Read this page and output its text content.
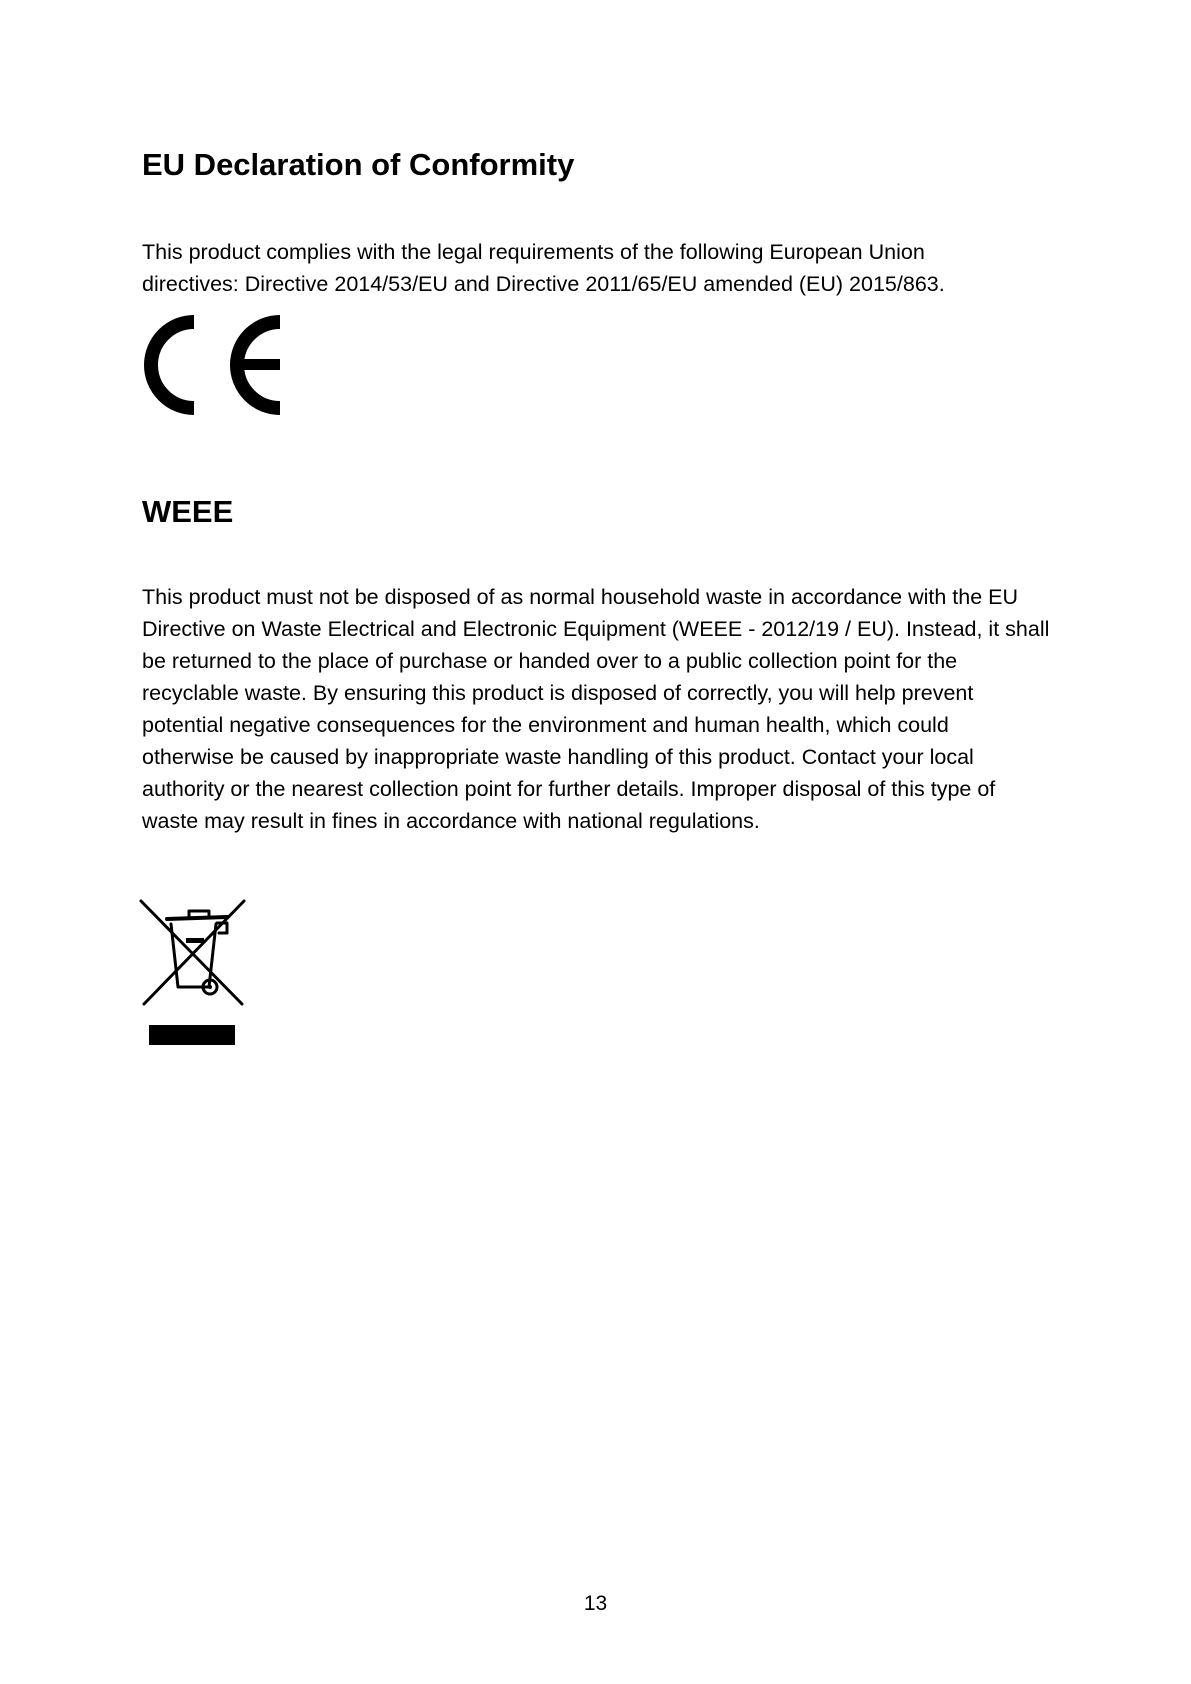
EU Declaration of Conformity

This product complies with the legal requirements of the following European Union
directives: Directive 2014/53/EU and Directive 2011/65/EU amended (EU) 2015/863.

WEEE

This product must not be disposed of as normal household waste in accordance with the EU
Directive on Waste Electrical and Electronic Equipment (WEEE - 2012/19 / EU). Instead, it shall
be returned to the place of purchase or handed over to a public collection point for the
recyclable waste. By ensuring this product is disposed of correctly, you will help prevent
potential negative consequences for the environment and human health, which could
otherwise be caused by inappropriate waste handling of this product. Contact your local
authority or the nearest collection point for further details. Improper disposal of this type of
waste may result in fines in accordance with national regulations.

13
